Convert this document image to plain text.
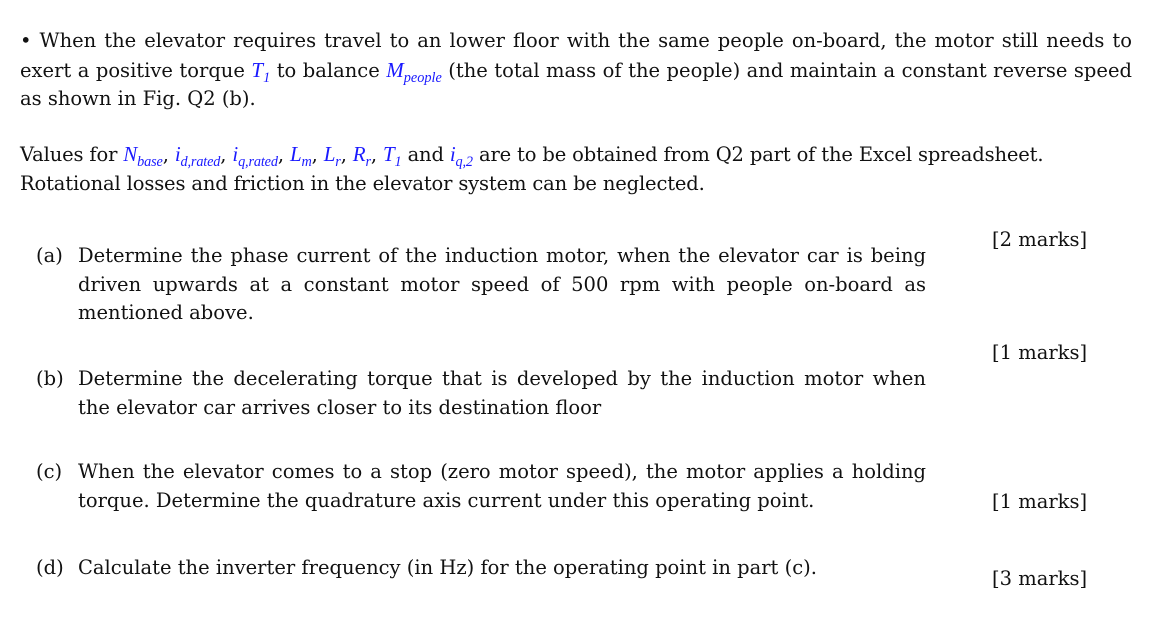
• When the elevator requires travel to an lower floor with the same people on-board, the motor still needs to exert a positive torque $T_1$ to balance $M_{people}$ (the total mass of the people) and maintain a constant reverse speed as shown in Fig. Q2 (b).
Values for $N_{base}$, $i_{d,rated}$, $i_{q,rated}$, $L_m$, $L_r$, $R_r$, $T_1$ and $i_{q,2}$ are to be obtained from Q2 part of the Excel spreadsheet.
Rotational losses and friction in the elevator system can be neglected.
[2 marks]
(a) Determine the phase current of the induction motor, when the elevator car is being driven upwards at a constant motor speed of 500 rpm with people on-board as mentioned above.
[1 marks]
(b) Determine the decelerating torque that is developed by the induction motor when the elevator car arrives closer to its destination floor
(c) When the elevator comes to a stop (zero motor speed), the motor applies a holding torque. Determine the quadrature axis current under this operating point.	[1 marks]
(d) Calculate the inverter frequency (in Hz) for the operating point in part (c).	[3 marks]
